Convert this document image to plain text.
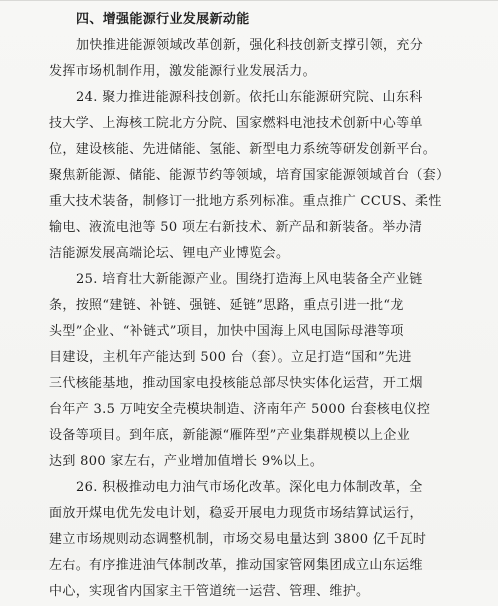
四、增强能源行业发展新动能
加快推进能源领域改革创新，强化科技创新支撑引领，充分
发挥市场机制作用，激发能源行业发展活力。
24. 聚力推进能源科技创新。依托山东能源研究院、山东科
技大学、上海核工院北方分院、国家燃料电池技术创新中心等单
位，建设核能、先进储能、氢能、新型电力系统等研发创新平台。
聚焦新能源、储能、能源节约等领域，培育国家能源领域首台（套）
重大技术装备，制修订一批地方系列标准。重点推广 CCUS、柔性
输电、液流电池等 50 项左右新技术、新产品和新装备。举办清
洁能源发展高端论坛、锂电产业博览会。
25. 培育壮大新能源产业。围绕打造海上风电装备全产业链
条，按照“建链、补链、强链、延链”思路，重点引进一批“龙
头型”企业、“补链式”项目，加快中国海上风电国际母港等项
目建设，主机年产能达到 500 台（套）。立足打造“国和”先进
三代核能基地，推动国家电投核能总部尽快实体化运营，开工烟
台年产 3.5 万吨安全壳模块制造、济南年产 5000 台套核电仪控
设备等项目。到年底，新能源“雁阵型”产业集群规模以上企业
达到 800 家左右，产业增加值增长 9%以上。
26. 积极推动电力油气市场化改革。深化电力体制改革，全
面放开煤电优先发电计划，稳妥开展电力现货市场结算试运行，
建立市场规则动态调整机制，市场交易电量达到 3800 亿千瓦时
左右。有序推进油气体制改革，推动国家管网集团成立山东运维
中心，实现省内国家主干管道统一运营、管理、维护。
